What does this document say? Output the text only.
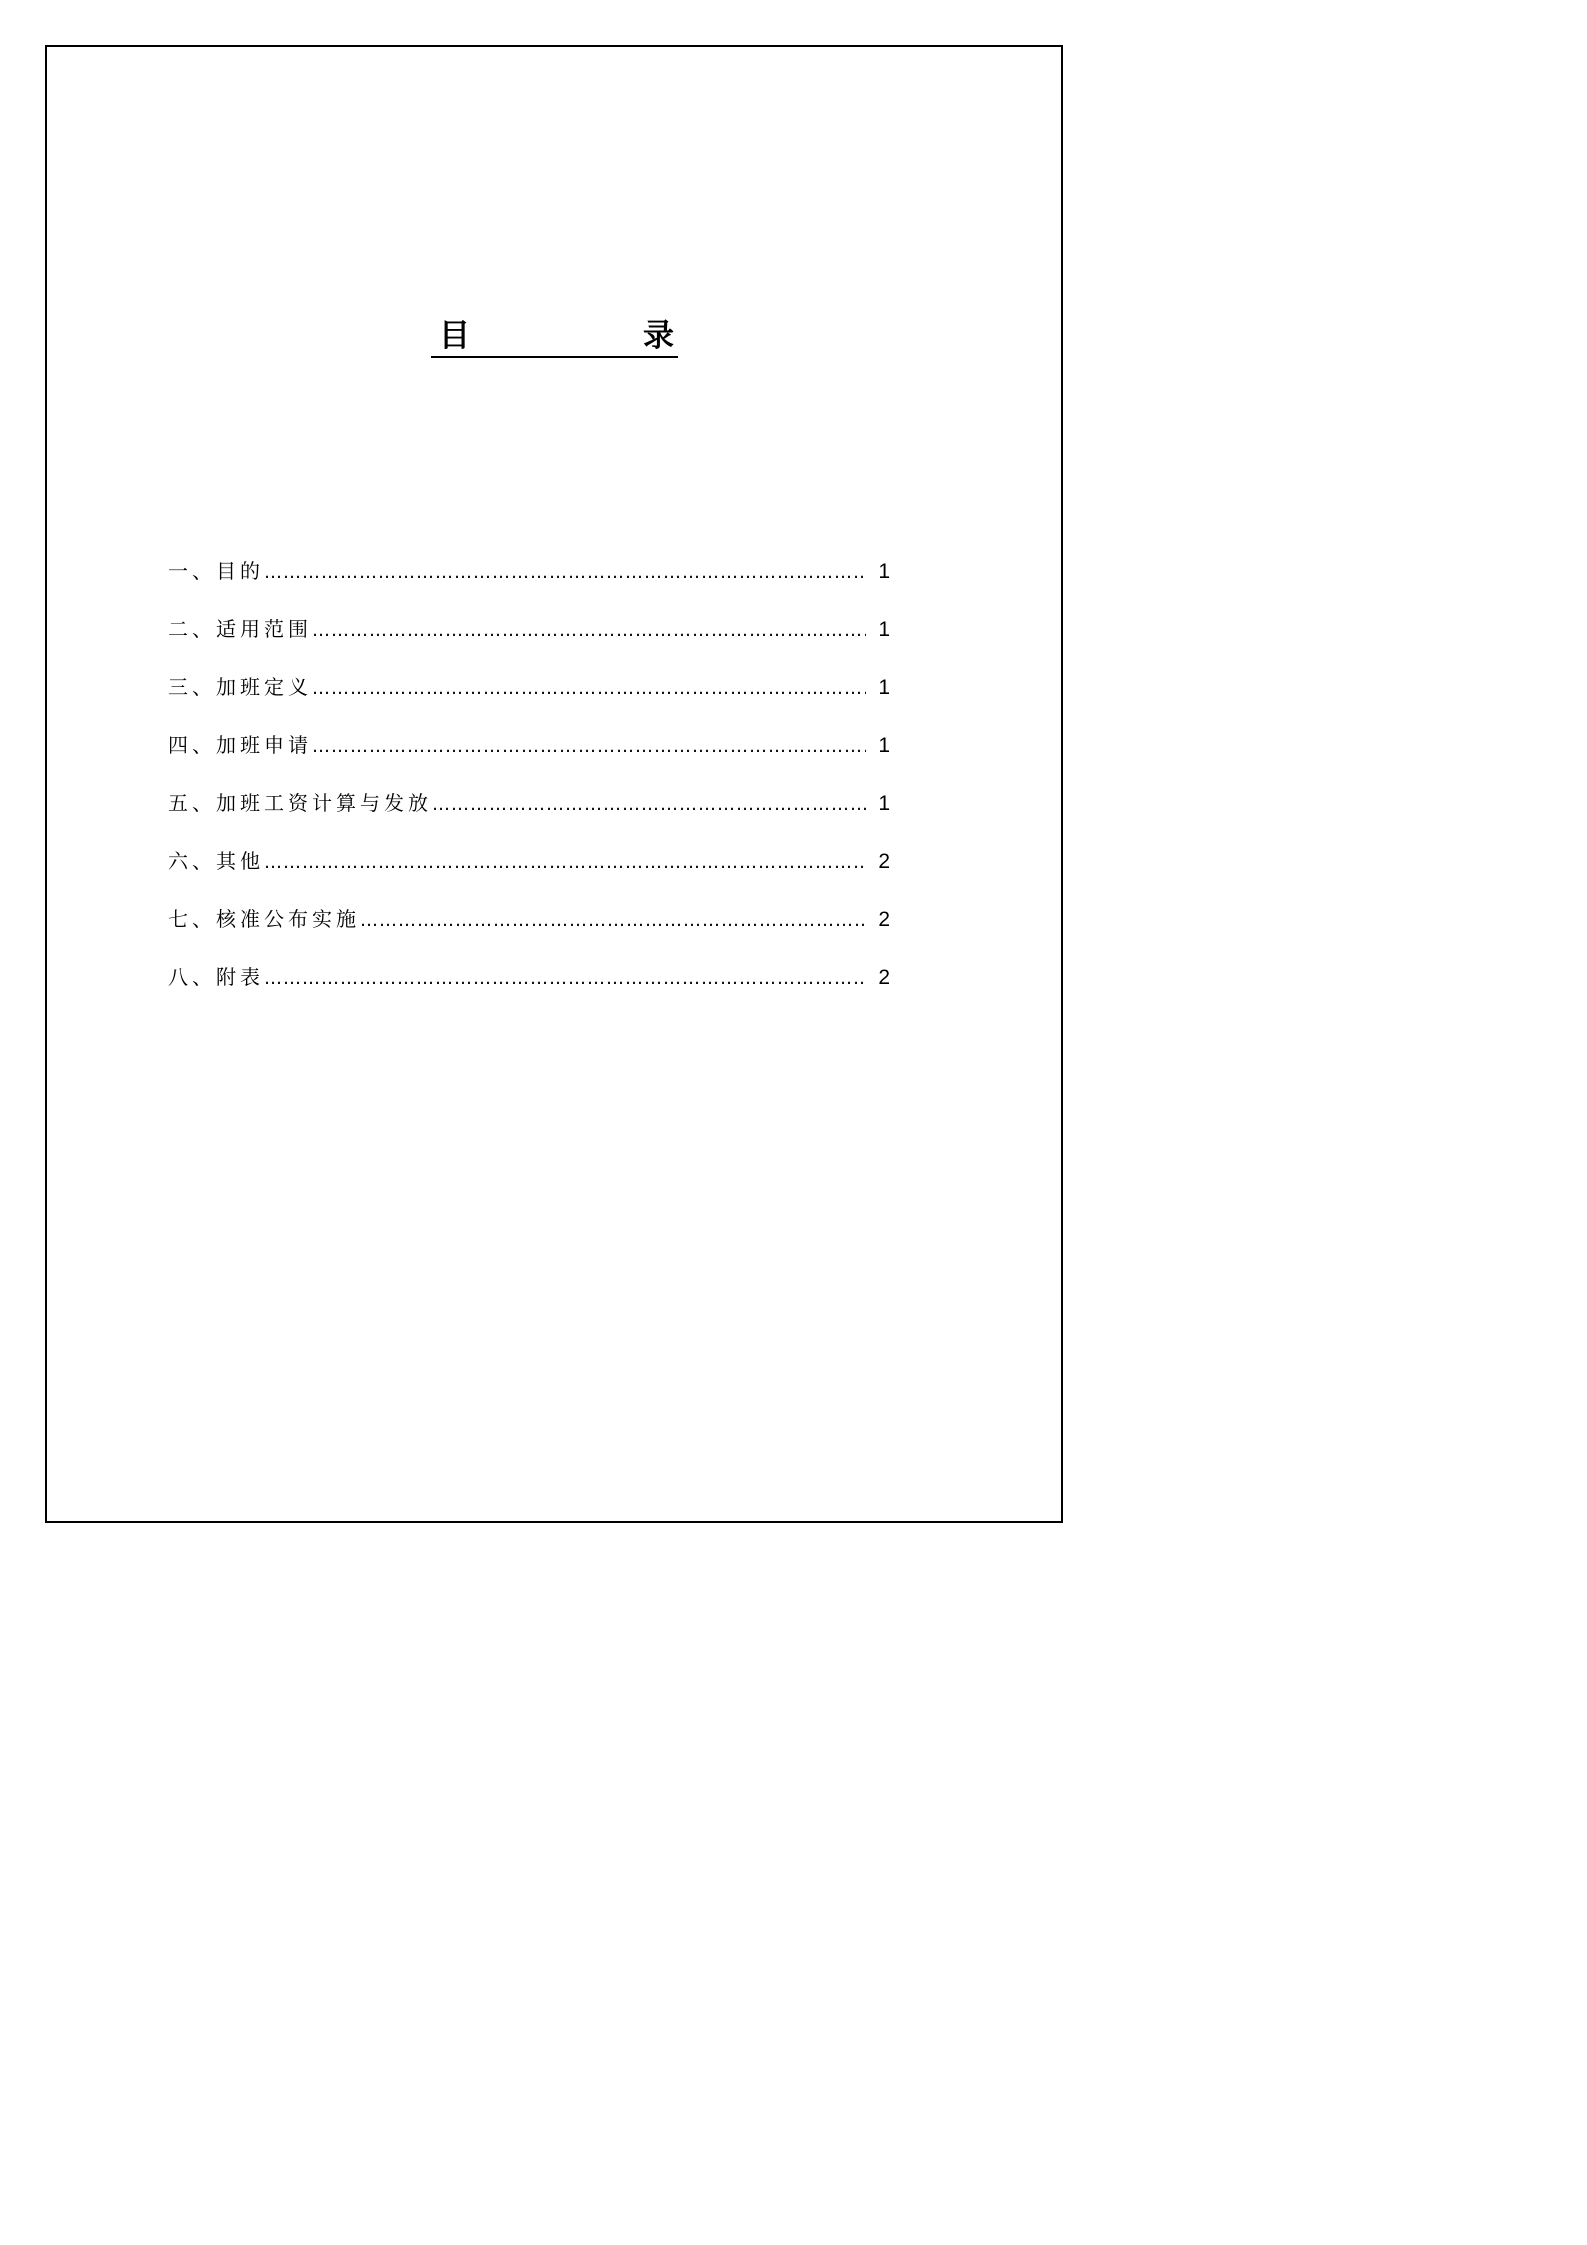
目	录
一、目的 ……………………………………………………………………………………………………………………………………………………………………………	1
二、适用范围 ……………………………………………………………………………………………………………………………………………………………………………	1
三、加班定义 ……………………………………………………………………………………………………………………………………………………………………………	1
四、加班申请 ……………………………………………………………………………………………………………………………………………………………………………	1
五、加班工资计算与发放 ……………………………………………………………………………………………………………………………………………………………………………	1
六、其他 ……………………………………………………………………………………………………………………………………………………………………………	2
七、核准公布实施 ……………………………………………………………………………………………………………………………………………………………………………	2
八、附表 ……………………………………………………………………………………………………………………………………………………………………………	2
